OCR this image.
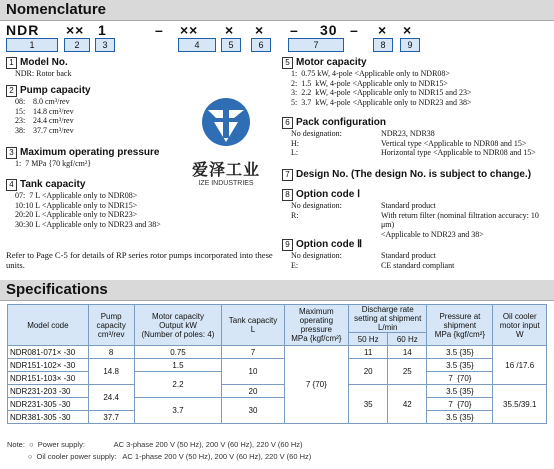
Nomenclature
NDR ×× 1	– ×× × × – 30 – × ×
1	2	3	4	5	6	7	8	9
1 Model No.
NDR: Rotor back
2 Pump capacity
08: 8.0 cm³/rev
15: 14.8 cm³/rev
23: 24.4 cm³/rev
38: 37.7 cm³/rev
3 Maximum operating pressure
1:  7 MPa {70 kgf/cm²}
4 Tank capacity
07:  7 L <Applicable only to NDR08>
10:10 L <Applicable only to NDR15>
20:20 L <Applicable only to NDR23>
30:30 L <Applicable only to NDR23 and 38>
Refer to Page C-5 for details of RP series rotor pumps incorporated into these units.
爱泽工业
IZE INDUSTRIES
5 Motor capacity
1:  0.75 kW, 4-pole <Applicable only to NDR08>
2:  1.5  kW, 4-pole <Applicable only to NDR15>
3:  2.2  kW, 4-pole <Applicable only to NDR15 and 23>
5:  3.7  kW, 4-pole <Applicable only to NDR23 and 38>
6 Pack configuration
No designation:	NDR23, NDR38
H:	Vertical type <Applicable to NDR08 and 15>
L:	Horizontal type <Applicable to NDR08 and 15>
7 Design No. (The design No. is subject to change.)
8 Option code Ⅰ
No designation:	Standard product
R:	With return filter (nominal filtration accuracy: 10 μm)
<Applicable to NDR23 and 38>
9 Option code Ⅱ
No designation:	Standard product
E:	CE standard compliant
Specifications
Model code	Pump
capacity
cm³/rev	Motor capacity
Output kW
(Number of poles: 4)	Tank capacity
L	Maximum
operating
pressure
MPa {kgf/cm²}	Discharge rate
setting at shipment
L/min		Pressure at
shipment
MPa {kgf/cm²}	Oil cooler
motor input
W
					50 Hz	60 Hz		
NDR081-071× -30	8	0.75	7	7 {70}	11	14	3.5 {35}	16 /17.6
NDR151-102× -30	14.8	1.5	10		20	25	3.5 {35}	
NDR151-103× -30		2.2					7  {70}	
NDR231-203 -30	24.4		20		35	42	3.5 {35}	35.5/39.1
NDR231-305 -30		3.7	30				7  {70}	
NDR381-305 -30	37.7						3.5 {35}	
Note:  ○  Power supply:              AC 3-phase 200 V (50 Hz), 200 V (60 Hz), 220 V (60 Hz)
○  Oil cooler power supply:   AC 1-phase 200 V (50 Hz), 200 V (60 Hz), 220 V (60 Hz)
